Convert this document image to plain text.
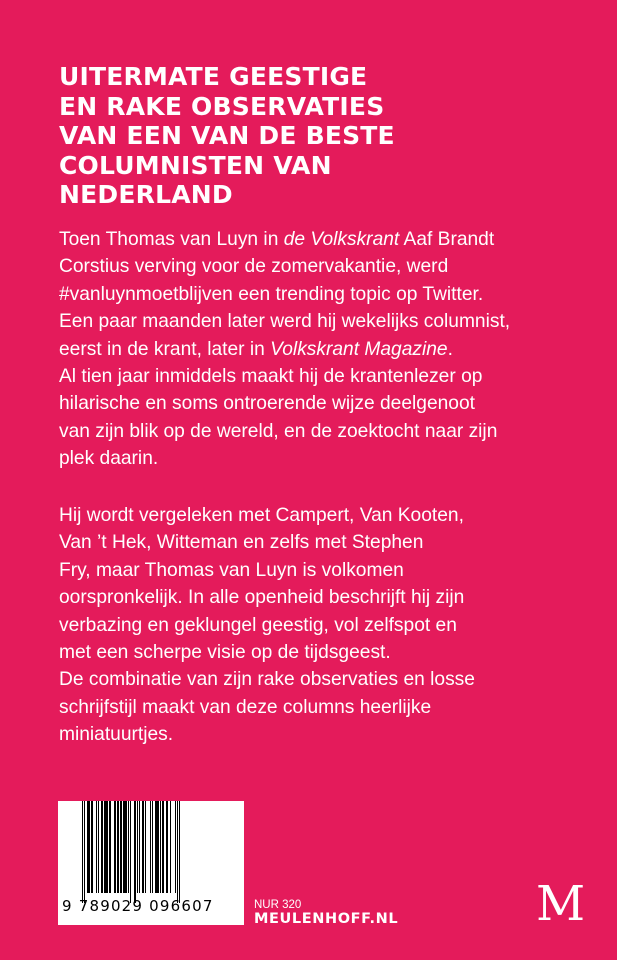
UITERMATE GEESTIGE
EN RAKE OBSERVATIES
VAN EEN VAN DE BESTE
COLUMNISTEN VAN
NEDERLAND
Toen Thomas van Luyn in de Volkskrant Aaf Brandt
Corstius verving voor de zomervakantie, werd
#vanluynmoetblijven een trending topic op Twitter.
Een paar maanden later werd hij wekelijks columnist,
eerst in de krant, later in Volkskrant Magazine.
Al tien jaar inmiddels maakt hij de krantenlezer op
hilarische en soms ontroerende wijze deelgenoot
van zijn blik op de wereld, en de zoektocht naar zijn
plek daarin.
Hij wordt vergeleken met Campert, Van Kooten,
Van ’t Hek, Witteman en zelfs met Stephen
Fry, maar Thomas van Luyn is volkomen
oorspronkelijk. In alle openheid beschrijft hij zijn
verbazing en geklungel geestig, vol zelfspot en
met een scherpe visie op de tijdsgeest.
De combinatie van zijn rake observaties en losse
schrijfstijl maakt van deze columns heerlijke
miniatuurtjes.
9 789029 096607	NUR 320
MEULENHOFF.NL	M
